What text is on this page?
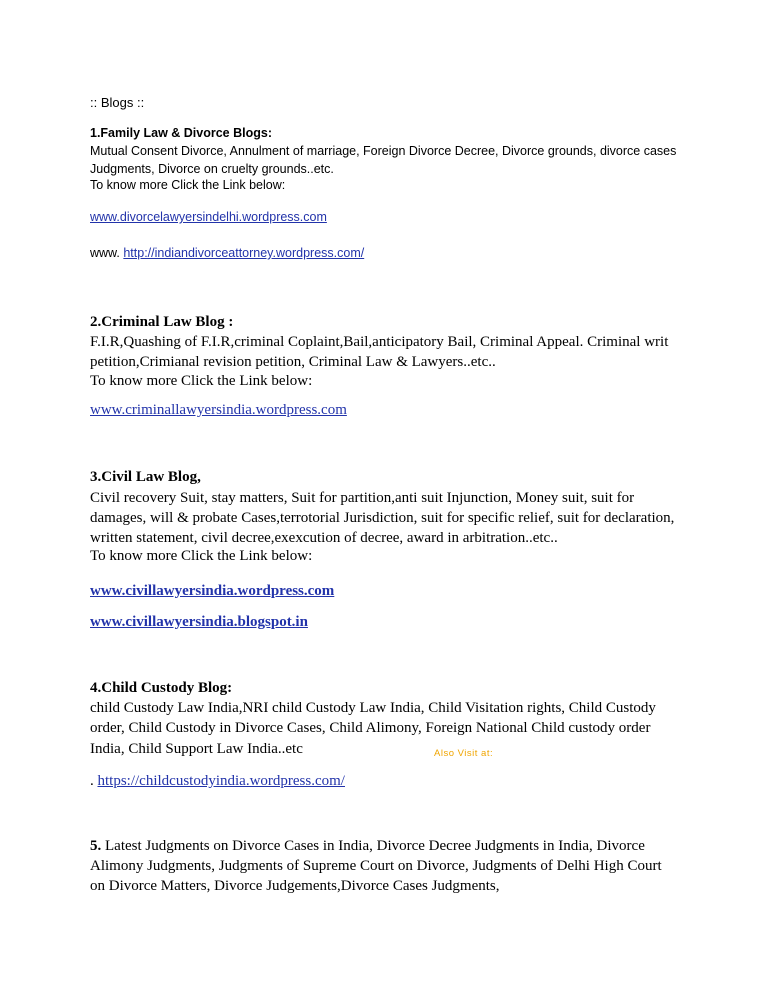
:: Blogs ::
1.Family Law & Divorce Blogs:
Mutual Consent Divorce, Annulment of marriage, Foreign Divorce Decree, Divorce grounds, divorce cases
Judgments, Divorce on cruelty grounds..etc.
To know more Click the Link below:
www.divorcelawyersindelhi.wordpress.com
www. http://indiandivorceattorney.wordpress.com/
2.Criminal Law Blog :
F.I.R,Quashing of F.I.R,criminal Coplaint,Bail,anticipatory Bail, Criminal Appeal. Criminal writ
petition,Crimianal revision petition, Criminal Law & Lawyers..etc..
To know more Click the Link below:
www.criminallawyersindia.wordpress.com
3.Civil Law Blog,
Civil recovery Suit, stay matters, Suit for partition,anti suit Injunction, Money suit, suit for
damages, will & probate Cases,terrotorial Jurisdiction, suit for specific relief, suit for declaration,
written statement, civil decree,exexcution of decree, award in arbitration..etc..
To know more Click the Link below:
www.civillawyersindia.wordpress.com
www.civillawyersindia.blogspot.in
4.Child Custody Blog:
child Custody Law India,NRI child Custody Law India, Child Visitation rights, Child Custody
order, Child Custody in Divorce Cases, Child Alimony, Foreign National Child custody order
India, Child Support Law India..etc	Also Visit at:
. https://childcustodyindia.wordpress.com/
5. Latest Judgments on Divorce Cases in India, Divorce Decree Judgments in India, Divorce
Alimony Judgments, Judgments of Supreme Court on Divorce, Judgments of Delhi High Court
on Divorce Matters, Divorce Judgements,Divorce Cases Judgments,
